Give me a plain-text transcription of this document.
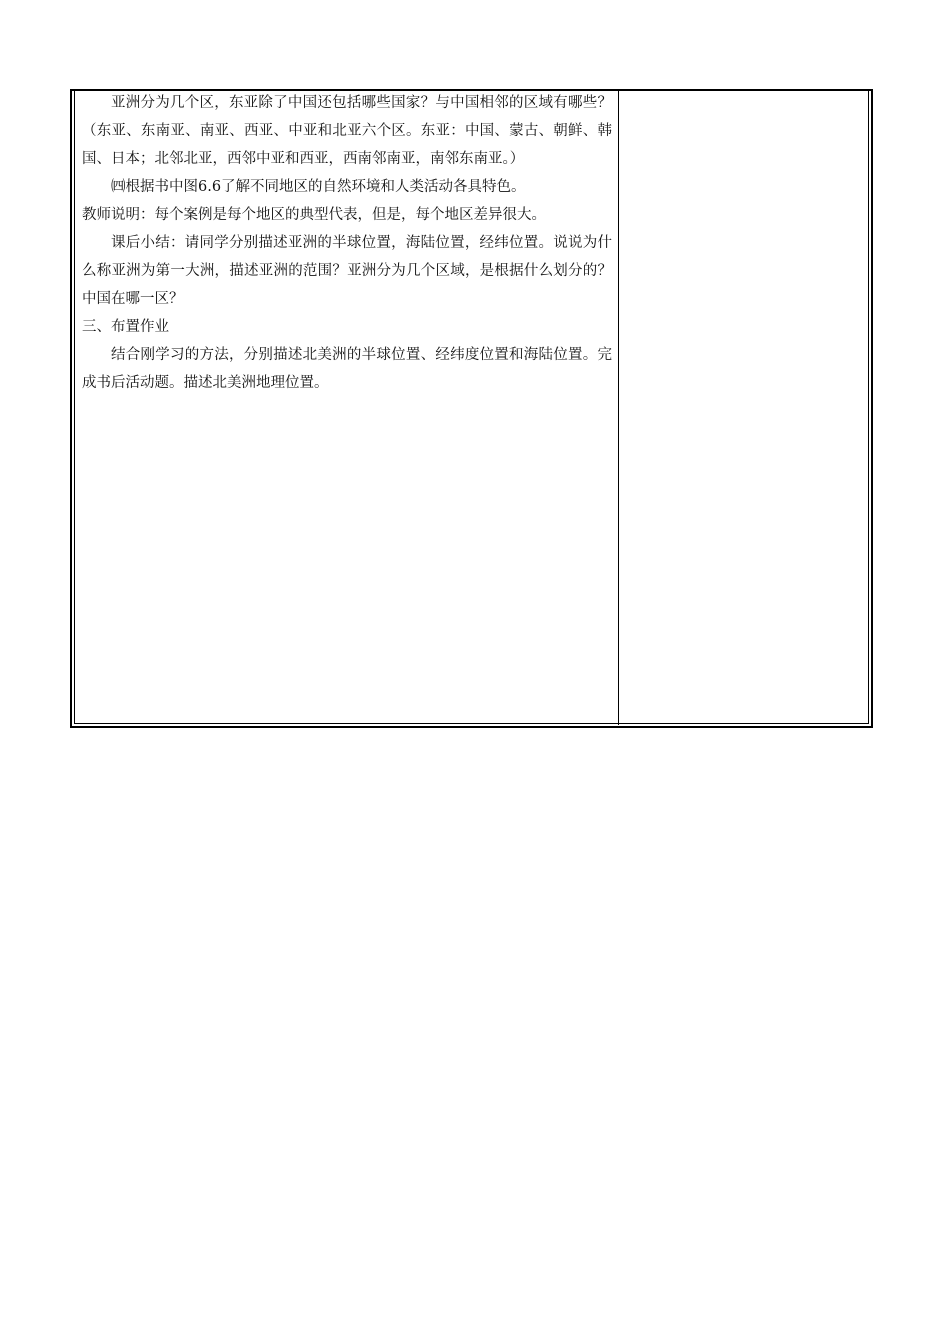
亚洲分为几个区，东亚除了中国还包括哪些国家？与中国相邻的区域有哪些？（东亚、东南亚、南亚、西亚、中亚和北亚六个区。东亚：中国、蒙古、朝鲜、韩国、日本；北邻北亚，西邻中亚和西亚，西南邻南亚，南邻东南亚。）

㈣根据书中图6.6了解不同地区的自然环境和人类活动各具特色。

教师说明：每个案例是每个地区的典型代表，但是，每个地区差异很大。

课后小结：请同学分别描述亚洲的半球位置，海陆位置，经纬位置。说说为什么称亚洲为第一大洲，描述亚洲的范围？亚洲分为几个区域，是根据什么划分的？中国在哪一区？

三、布置作业

结合刚学习的方法，分别描述北美洲的半球位置、经纬度位置和海陆位置。完成书后活动题。描述北美洲地理位置。
